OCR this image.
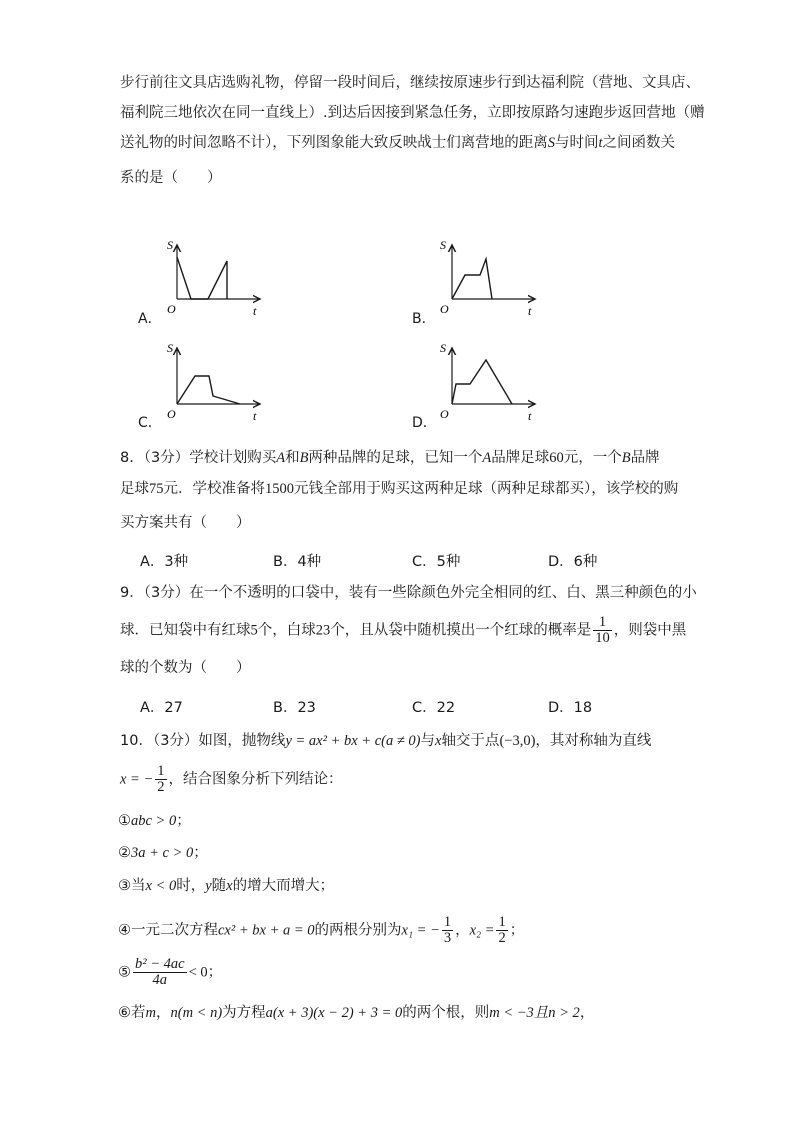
步行前往文具店选购礼物，停留一段时间后，继续按原速步行到达福利院（营地、文具店、
福利院三地依次在同一直线上）.到达后因接到紧急任务，立即按原路匀速跑步返回营地（赠
送礼物的时间忽略不计），下列图象能大致反映战士们离营地的距离S与时间t之间函数关
系的是（　　）
A．
O
S
t	B．
O
S
t
C．
O
S
t	D．
O
S
t
8．（3分）学校计划购买A和B两种品牌的足球，已知一个A品牌足球60元，一个B品牌
足球75元．学校准备将1500元钱全部用于购买这两种足球（两种足球都买），该学校的购
买方案共有（　　）
A．3种	B．4种	C．5种	D．6种
9．（3分）在一个不透明的口袋中，装有一些除颜色外完全相同的红、白、黑三种颜色的小
球．已知袋中有红球5个，白球23个，且从袋中随机摸出一个红球的概率是 $\frac{1}{10}$ ，则袋中黑
球的个数为（　　）
A．27	B．23	C．22	D．18
10．（3分）如图，抛物线y = ax² + bx + c(a ≠ 0)与x轴交于点(−3,0)，其对称轴为直线
x = − $\frac{1}{2}$ ，结合图象分析下列结论：
①abc > 0；
②3a + c > 0；
③当x < 0时，y随x的增大而增大；
④一元二次方程cx² + bx + a = 0的两根分别为x₁ = − $\frac{1}{3}$ ，$x_2 = \frac{1}{2}$ ；
⑤ $\frac{\text{b² − 4ac}}{4a} < 0$；
⑥若m，n(m < n)为方程a(x + 3)(x − 2) + 3 = 0的两个根，则m < −3且n > 2，
